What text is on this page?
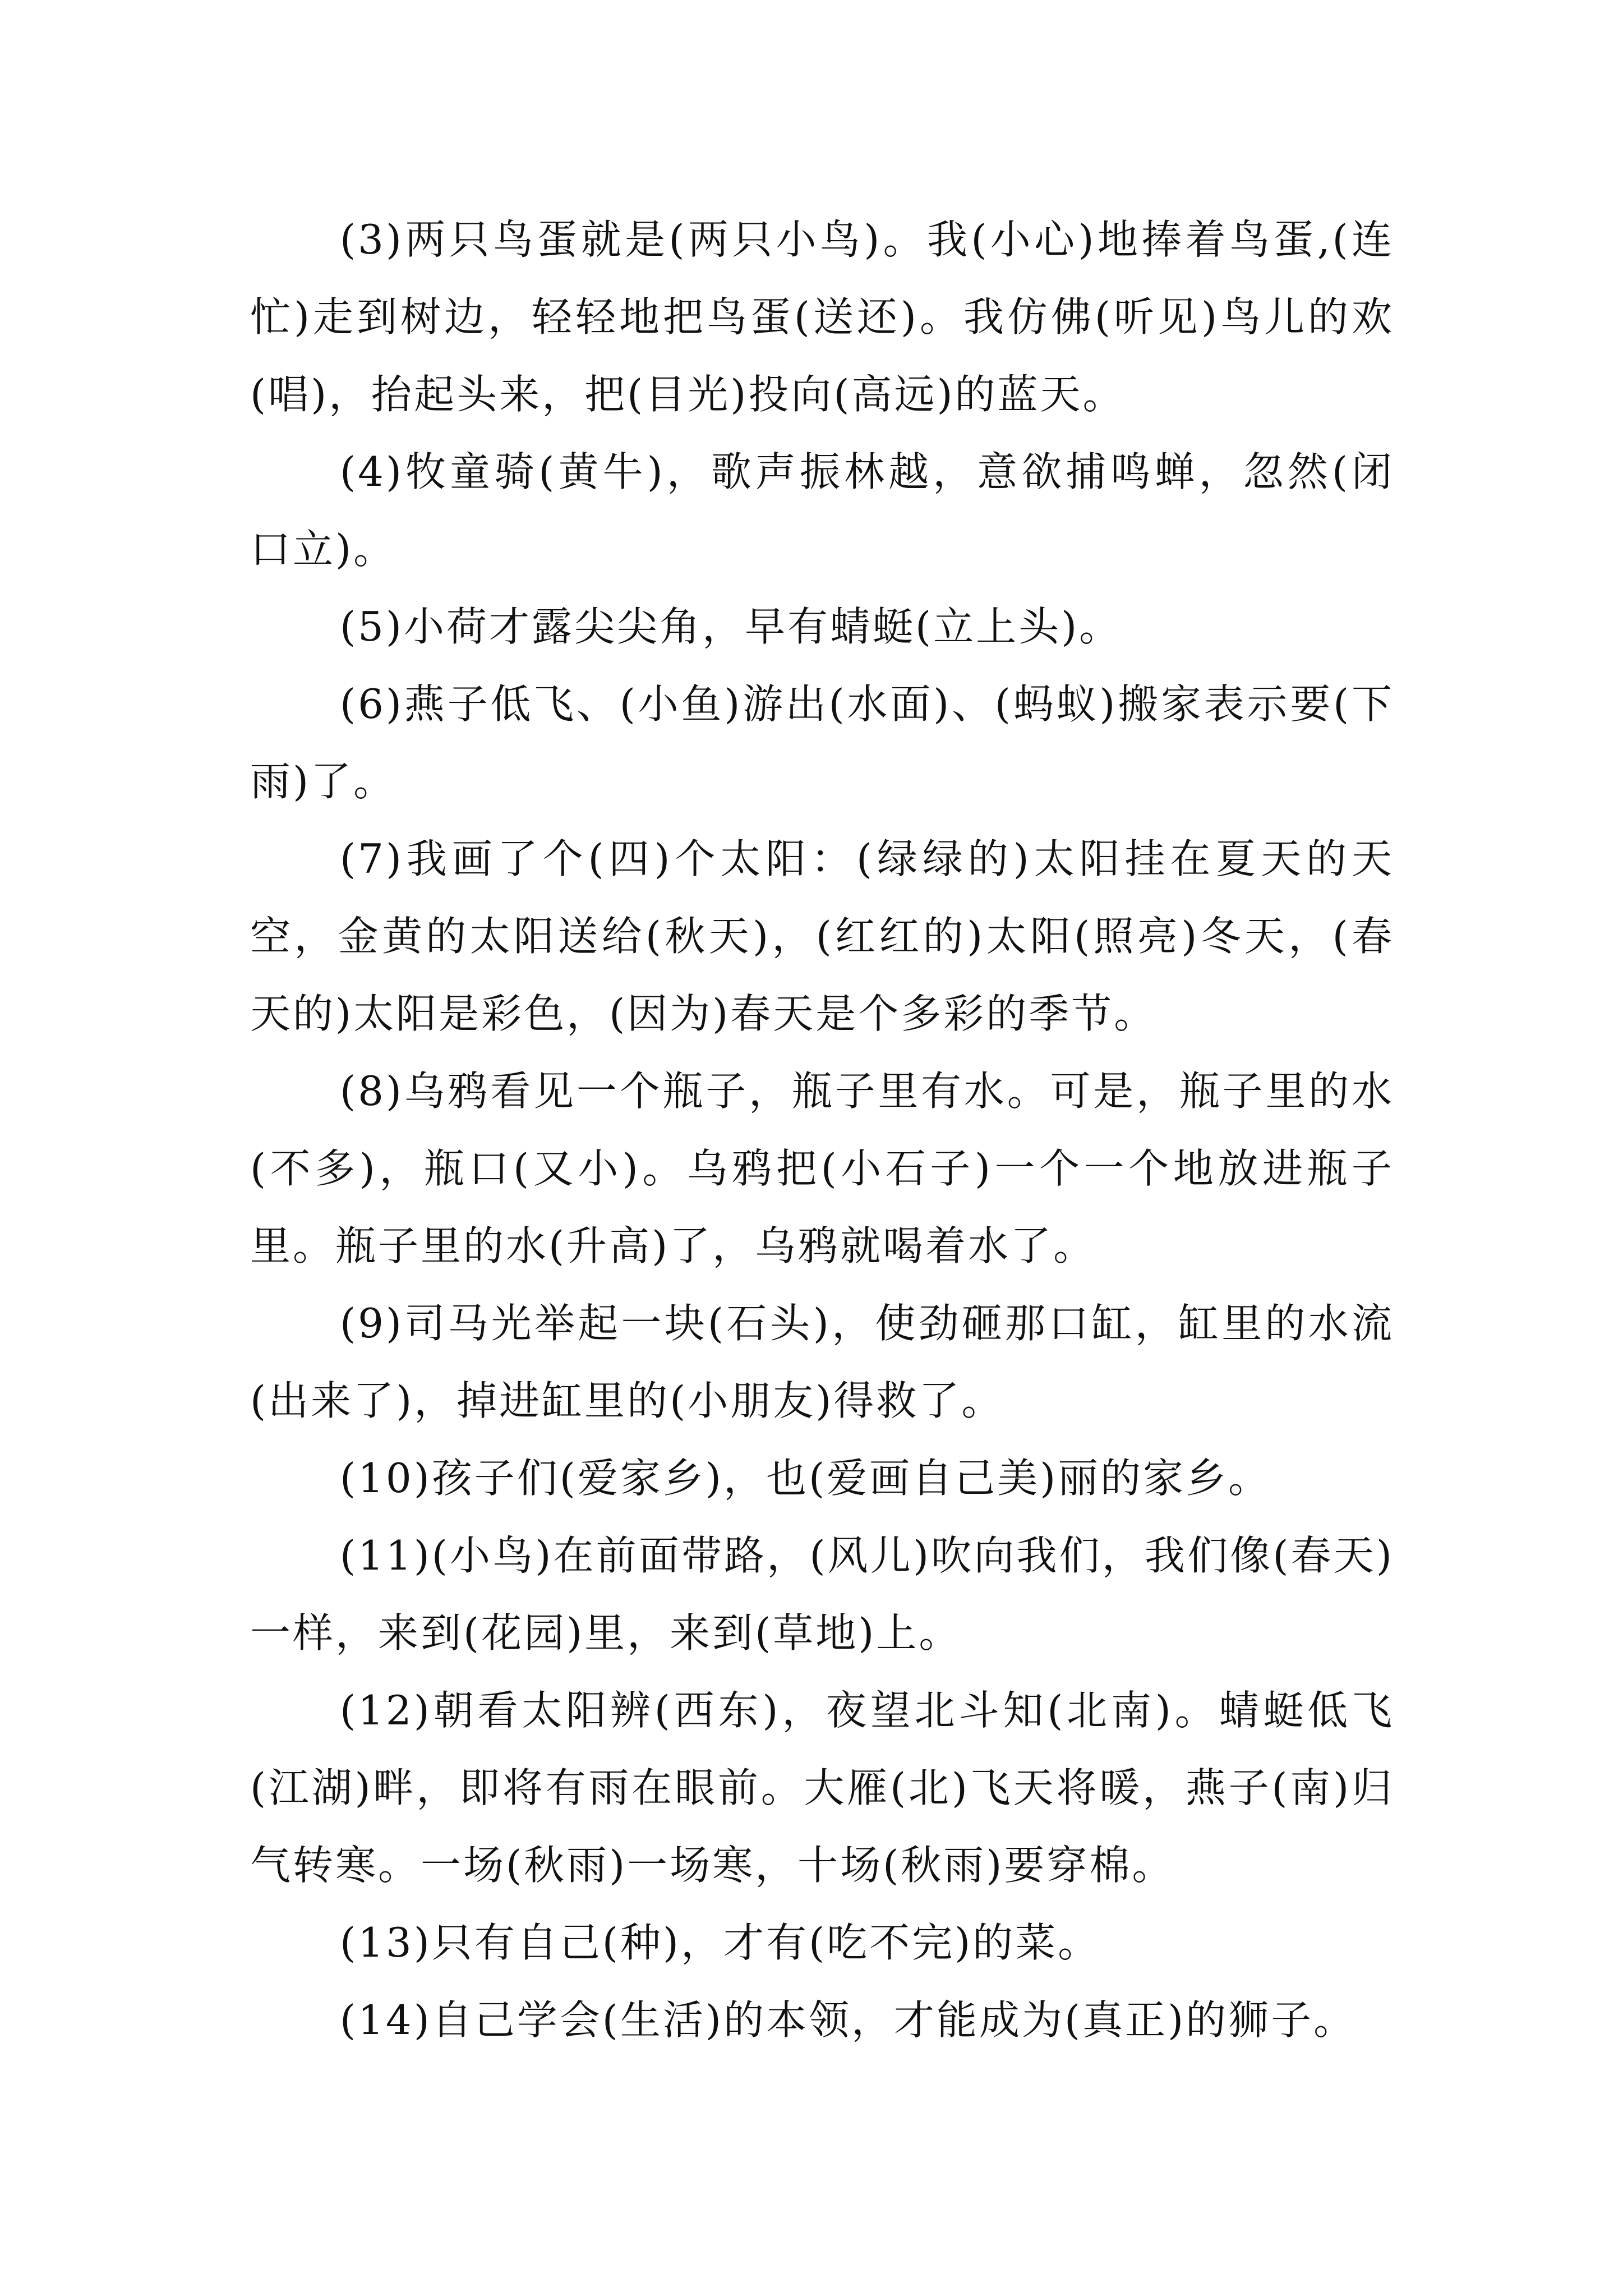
(3)两只鸟蛋就是(两只小鸟)。我(小心)地捧着鸟蛋,(连忙)走到树边，轻轻地把鸟蛋(送还)。我仿佛(听见)鸟儿的欢(唱)，抬起头来，把(目光)投向(高远)的蓝天。

(4)牧童骑(黄牛)，歌声振林越，意欲捕鸣蝉，忽然(闭口立)。

(5)小荷才露尖尖角，早有蜻蜓(立上头)。

(6)燕子低飞、(小鱼)游出(水面)、(蚂蚁)搬家表示要(下雨)了。

(7)我画了个(四)个太阳：(绿绿的)太阳挂在夏天的天空，金黄的太阳送给(秋天)，(红红的)太阳(照亮)冬天，(春天的)太阳是彩色，(因为)春天是个多彩的季节。

(8)乌鸦看见一个瓶子，瓶子里有水。可是，瓶子里的水(不多)，瓶口(又小)。乌鸦把(小石子)一个一个地放进瓶子里。瓶子里的水(升高)了，乌鸦就喝着水了。

(9)司马光举起一块(石头)，使劲砸那口缸，缸里的水流(出来了)，掉进缸里的(小朋友)得救了。

(10)孩子们(爱家乡)，也(爱画自己美)丽的家乡。

(11)(小鸟)在前面带路，(风儿)吹向我们，我们像(春天)一样，来到(花园)里，来到(草地)上。

(12)朝看太阳辨(西东)，夜望北斗知(北南)。蜻蜓低飞(江湖)畔，即将有雨在眼前。大雁(北)飞天将暖，燕子(南)归气转寒。一场(秋雨)一场寒，十场(秋雨)要穿棉。

(13)只有自己(种)，才有(吃不完)的菜。

(14)自己学会(生活)的本领，才能成为(真正)的狮子。
